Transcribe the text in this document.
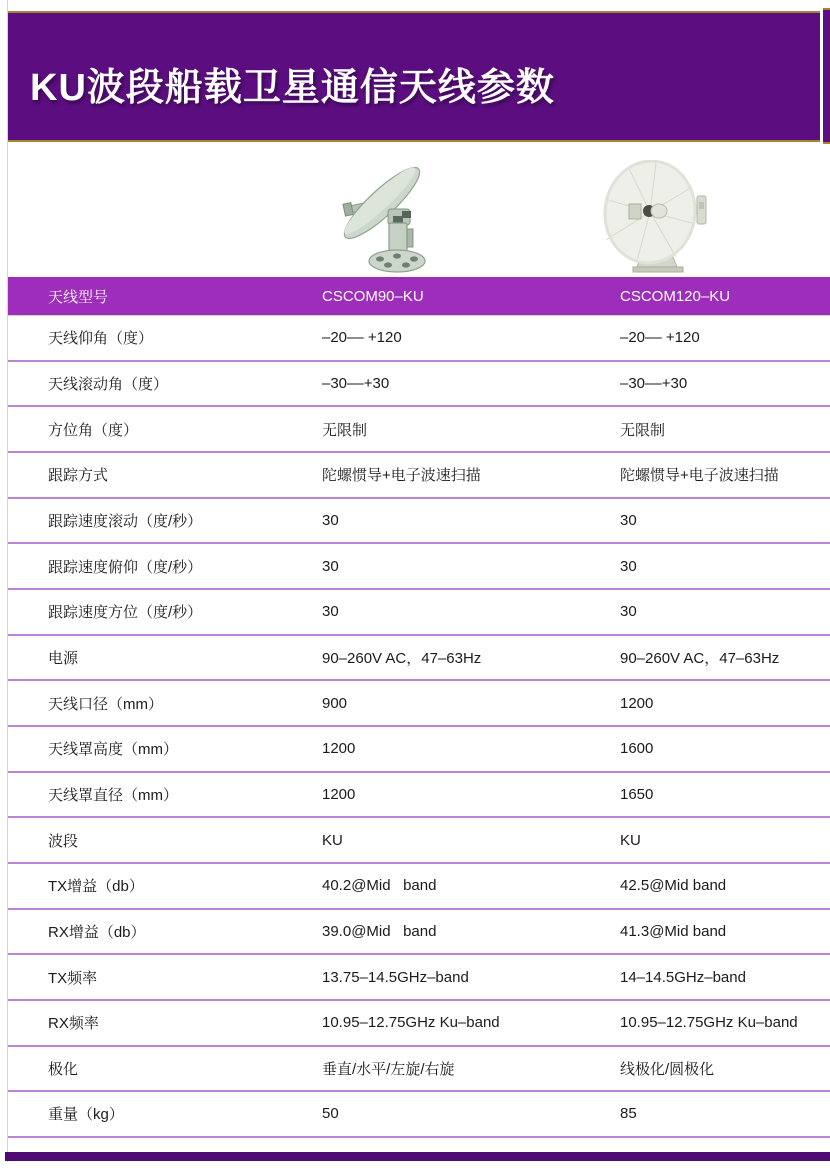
KU波段船载卫星通信天线参数
天线型号	CSCOM90–KU	CSCOM120–KU
天线仰角（度）	–20–– +120	–20–– +120
天线滚动角（度）	–30––+30	–30––+30
方位角（度）	无限制	无限制
跟踪方式	陀螺惯导+电子波速扫描	陀螺惯导+电子波速扫描
跟踪速度滚动（度/秒）	30	30
跟踪速度俯仰（度/秒）	30	30
跟踪速度方位（度/秒）	30	30
电源	90–260V AC，47–63Hz	90–260V AC，47–63Hz
天线口径（mm）	900	1200
天线罩高度（mm）	1200	1600
天线罩直径（mm）	1200	1650
波段	KU	KU
TX增益（db）	40.2@Mid   band	42.5@Mid band
RX增益（db）	39.0@Mid   band	41.3@Mid band
TX频率	13.75–14.5GHz–band	14–14.5GHz–band
RX频率	10.95–12.75GHz Ku–band	10.95–12.75GHz Ku–band
极化	垂直/水平/左旋/右旋	线极化/圆极化
重量（kg）	50	85
